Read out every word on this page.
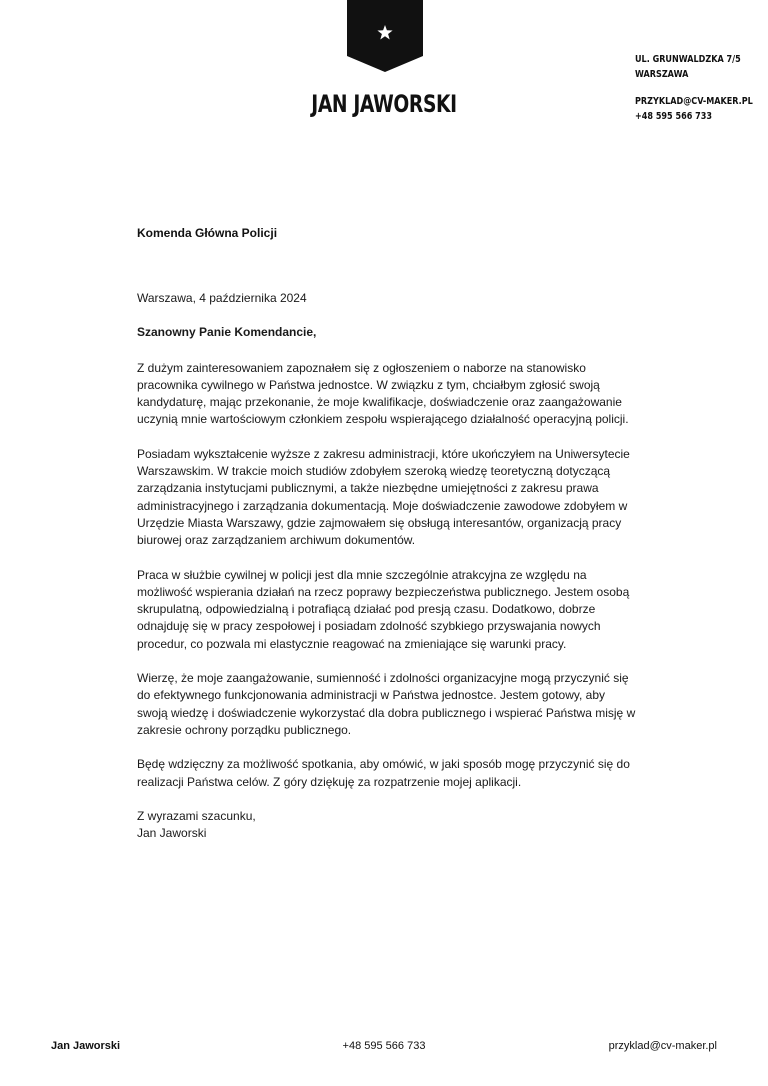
JAN JAWORSKI
UL. GRUNWALDZKA 7/5
WARSZAWA
PRZYKLAD@CV-MAKER.PL
+48 595 566 733
Komenda Główna Policji

Warszawa, 4 października 2024

Szanowny Panie Komendancie,

Z dużym zainteresowaniem zapoznałem się z ogłoszeniem o naborze na stanowisko pracownika cywilnego w Państwa jednostce. W związku z tym, chciałbym zgłosić swoją kandydaturę, mając przekonanie, że moje kwalifikacje, doświadczenie oraz zaangażowanie uczynią mnie wartościowym członkiem zespołu wspierającego działalność operacyjną policji.

Posiadam wykształcenie wyższe z zakresu administracji, które ukończyłem na Uniwersytecie Warszawskim. W trakcie moich studiów zdobyłem szeroką wiedzę teoretyczną dotyczącą zarządzania instytucjami publicznymi, a także niezbędne umiejętności z zakresu prawa administracyjnego i zarządzania dokumentacją. Moje doświadczenie zawodowe zdobyłem w Urzędzie Miasta Warszawy, gdzie zajmowałem się obsługą interesantów, organizacją pracy biurowej oraz zarządzaniem archiwum dokumentów.

Praca w służbie cywilnej w policji jest dla mnie szczególnie atrakcyjna ze względu na możliwość wspierania działań na rzecz poprawy bezpieczeństwa publicznego. Jestem osobą skrupulatną, odpowiedzialną i potrafiącą działać pod presją czasu. Dodatkowo, dobrze odnajduję się w pracy zespołowej i posiadam zdolność szybkiego przyswajania nowych procedur, co pozwala mi elastycznie reagować na zmieniające się warunki pracy.

Wierzę, że moje zaangażowanie, sumienność i zdolności organizacyjne mogą przyczynić się do efektywnego funkcjonowania administracji w Państwa jednostce. Jestem gotowy, aby swoją wiedzę i doświadczenie wykorzystać dla dobra publicznego i wspierać Państwa misję w zakresie ochrony porządku publicznego.

Będę wdzięczny za możliwość spotkania, aby omówić, w jaki sposób mogę przyczynić się do realizacji Państwa celów. Z góry dziękuję za rozpatrzenie mojej aplikacji.

Z wyrazami szacunku,

Jan Jaworski

Jan Jaworski	+48 595 566 733	przyklad@cv-maker.pl
